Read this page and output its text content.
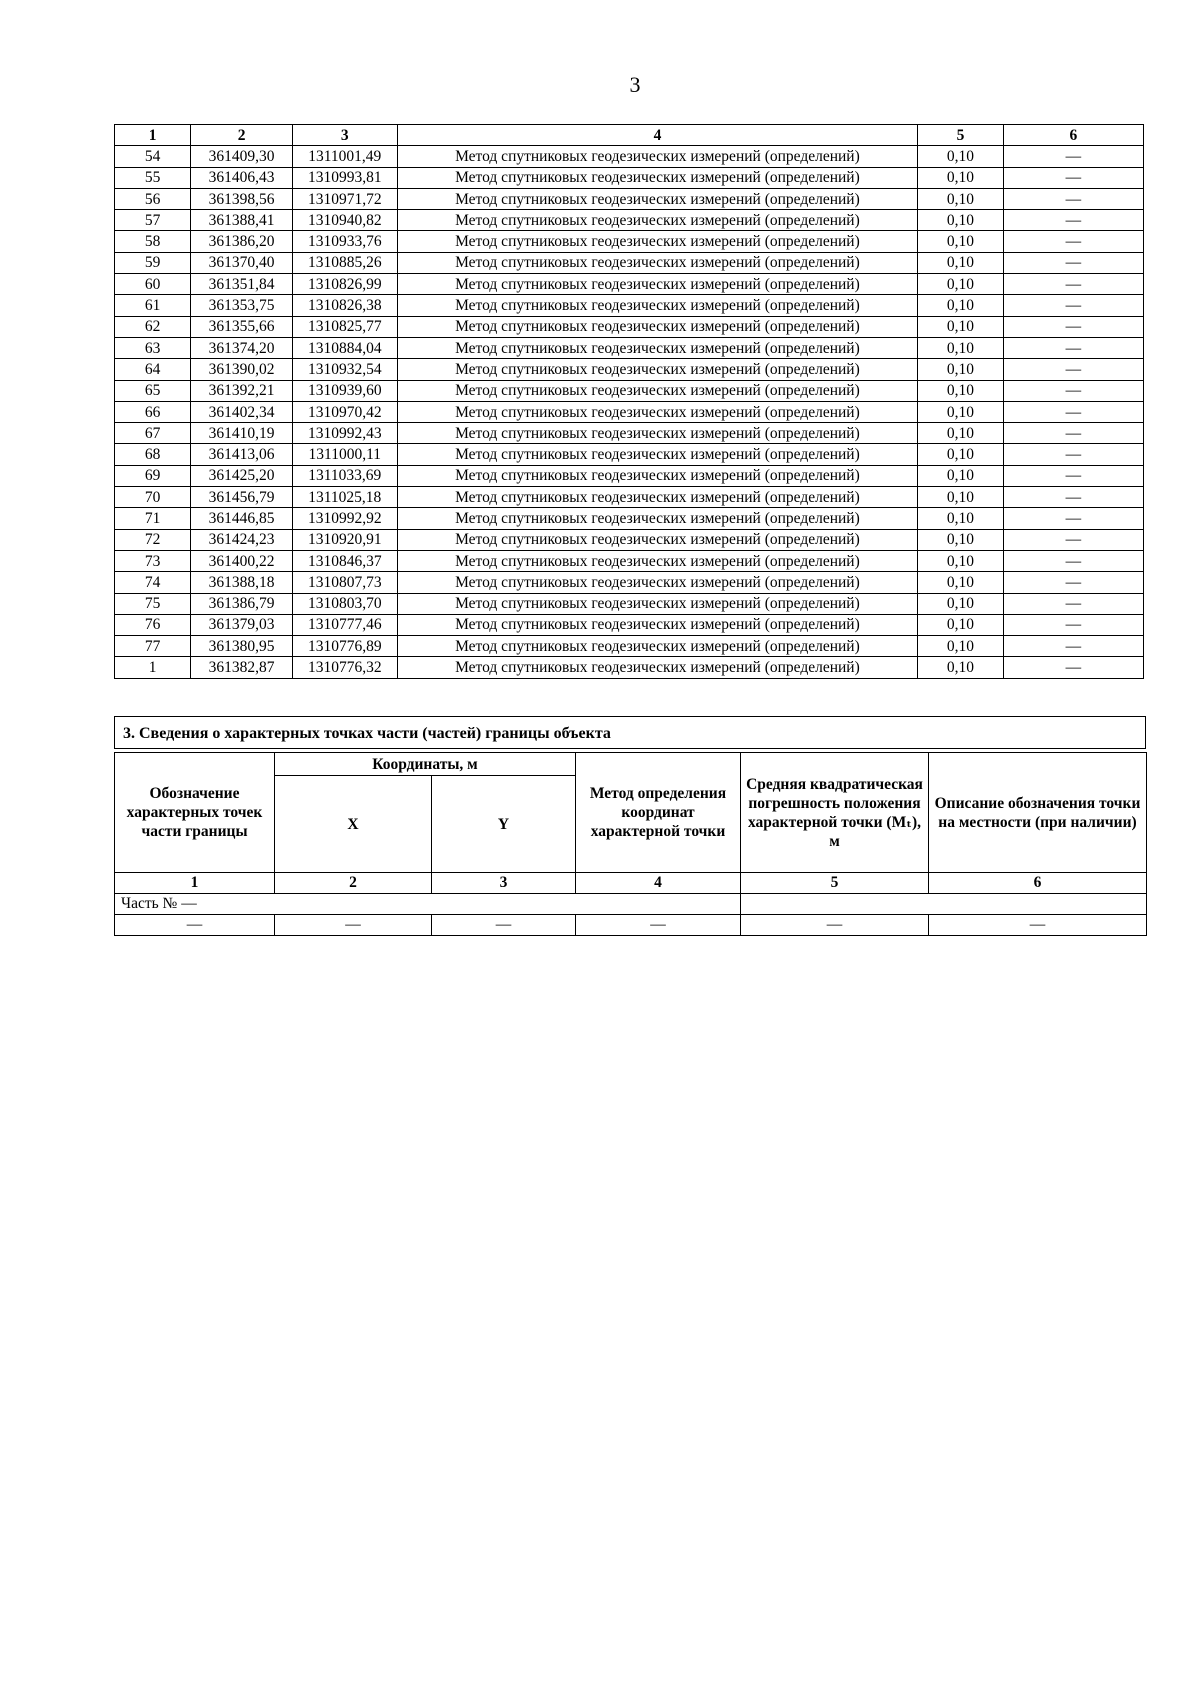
3
1	2	3	4	5	6
54	361409,30	1311001,49	Метод спутниковых геодезических измерений (определений)	0,10	—
55	361406,43	1310993,81	Метод спутниковых геодезических измерений (определений)	0,10	—
56	361398,56	1310971,72	Метод спутниковых геодезических измерений (определений)	0,10	—
57	361388,41	1310940,82	Метод спутниковых геодезических измерений (определений)	0,10	—
58	361386,20	1310933,76	Метод спутниковых геодезических измерений (определений)	0,10	—
59	361370,40	1310885,26	Метод спутниковых геодезических измерений (определений)	0,10	—
60	361351,84	1310826,99	Метод спутниковых геодезических измерений (определений)	0,10	—
61	361353,75	1310826,38	Метод спутниковых геодезических измерений (определений)	0,10	—
62	361355,66	1310825,77	Метод спутниковых геодезических измерений (определений)	0,10	—
63	361374,20	1310884,04	Метод спутниковых геодезических измерений (определений)	0,10	—
64	361390,02	1310932,54	Метод спутниковых геодезических измерений (определений)	0,10	—
65	361392,21	1310939,60	Метод спутниковых геодезических измерений (определений)	0,10	—
66	361402,34	1310970,42	Метод спутниковых геодезических измерений (определений)	0,10	—
67	361410,19	1310992,43	Метод спутниковых геодезических измерений (определений)	0,10	—
68	361413,06	1311000,11	Метод спутниковых геодезических измерений (определений)	0,10	—
69	361425,20	1311033,69	Метод спутниковых геодезических измерений (определений)	0,10	—
70	361456,79	1311025,18	Метод спутниковых геодезических измерений (определений)	0,10	—
71	361446,85	1310992,92	Метод спутниковых геодезических измерений (определений)	0,10	—
72	361424,23	1310920,91	Метод спутниковых геодезических измерений (определений)	0,10	—
73	361400,22	1310846,37	Метод спутниковых геодезических измерений (определений)	0,10	—
74	361388,18	1310807,73	Метод спутниковых геодезических измерений (определений)	0,10	—
75	361386,79	1310803,70	Метод спутниковых геодезических измерений (определений)	0,10	—
76	361379,03	1310777,46	Метод спутниковых геодезических измерений (определений)	0,10	—
77	361380,95	1310776,89	Метод спутниковых геодезических измерений (определений)	0,10	—
1	361382,87	1310776,32	Метод спутниковых геодезических измерений (определений)	0,10	—
3. Сведения о характерных точках части (частей) границы объекта
Обозначение характерных точек части границы	Координаты, м		Метод определения координат характерной точки	Средняя квадратическая погрешность положения характерной точки (Mₜ), м	Описание обозначения точки на местности (при наличии)
	X	Y			
1	2	3	4	5	6
Часть № —					
—	—	—	—	—	—
